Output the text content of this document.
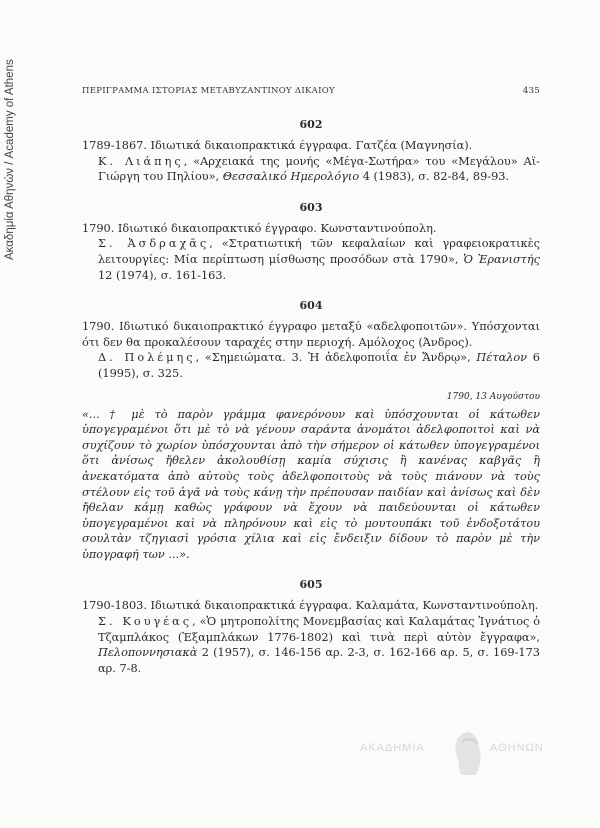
Ακαδημία Αθηνών / Academy of Athens	ΠΕΡΙΓΡΑΜΜΑ ΙΣΤΟΡΙΑΣ ΜΕΤΑΒΥΖΑΝΤΙΝΟΥ ΔΙΚΑΙΟΥ	435
602

1789-1867. Ιδιωτικά δικαιοπρακτικά έγγραφα. Γατζέα (Μαγνησία).

Κ. Λιάπης, «Αρχειακά της μονής «Μέγα-Σωτήρα» του «Μεγάλου» Αϊ-Γιώργη του Πηλίου», Θεσσαλικό Ημερολόγιο 4 (1983), σ. 82-84, 89-93.

603

1790. Ιδιωτικό δικαιοπρακτικό έγγραφο. Κωνσταντινούπολη.

Σ. Ἀσδραχᾶς, «Στρατιωτική τῶν κεφαλαίων καὶ γραφειοκρατικὲς λειτουργίες: Μία περίπτωση μίσθωσης προσόδων στὰ 1790», Ὁ Ἐρανιστής 12 (1974), σ. 161-163.

604

1790. Ιδιωτικό δικαιοπρακτικό έγγραφο μεταξύ «αδελφοποιτῶν». Υπόσχονται ότι δεν θα προκαλέσουν ταραχές στην περιοχή. Αμόλοχος (Άνδρος).

Δ. Πολέμης, «Σημειώματα. 3. Ἡ ἀδελφοποιΐα ἐν Ἄνδρῳ», Πέταλον 6 (1995), σ. 325.

1790, 13 Αυγούστου

«... † μὲ τὸ παρὸν γράμμα φανερόνουν καὶ ὑπόσχουνται οἱ κάτωθεν ὑπογεγραμένοι ὅτι μὲ τὸ νὰ γένουν σαράντα ἀνομάτοι ἀδελφοποιτοὶ καὶ νὰ συχίζουν τὸ χωρίον ὑπόσχουνται ἀπὸ τὴν σήμερον οἱ κάτωθεν ὑπογεγραμένοι ὅτι ἀνίσως ἤθελεν ἀκολουθίσῃ καμία σύχισις ἢ κανένας καβγᾶς ἢ ἀνεκατόματα ἀπὸ αὐτοὺς τοὺς ἀδελφοποιτοὺς νὰ τοὺς πιάνουν νὰ τοὺς στέλουν εἰς τοῦ ἀγᾶ νὰ τοὺς κάνῃ τὴν πρέπουσαν παιδίαν καὶ ἀνίσως καὶ δὲν ἤθελαν κάμῃ καθὼς γράφουν νὰ ἔχουν νὰ παιδεύουνται οἱ κάτωθεν ὑπογεγραμένοι καὶ νὰ πληρόνουν καὶ εἰς τὸ μουτουπάκι τοῦ ἐνδοξοτάτου σουλτὰν τζηγιασὶ γρόσια χίλια καὶ εἰς ἔνδειξιν δίδουν τὸ παρὸν μὲ τὴν ὑπογραφή των ...».

605

1790-1803. Ιδιωτικά δικαιοπρακτικά έγγραφα. Καλαμάτα, Κωνσταντινούπολη.

Σ. Κουγέας, «Ὁ μητροπολίτης Μονεμβασίας καὶ Καλαμάτας Ἰγνάτιος ὁ Τζαμπλάκος (Ἐξαμπλάκων 1776-1802) καὶ τινὰ περὶ αὐτὸν ἔγγραφα», Πελοποννησιακὰ 2 (1957), σ. 146-156 αρ. 2-3, σ. 162-166 αρ. 5, σ. 169-173 αρ. 7-8.

ΑΚΑΔΗΜΙΑ	ΑΘΗΝΩΝ
